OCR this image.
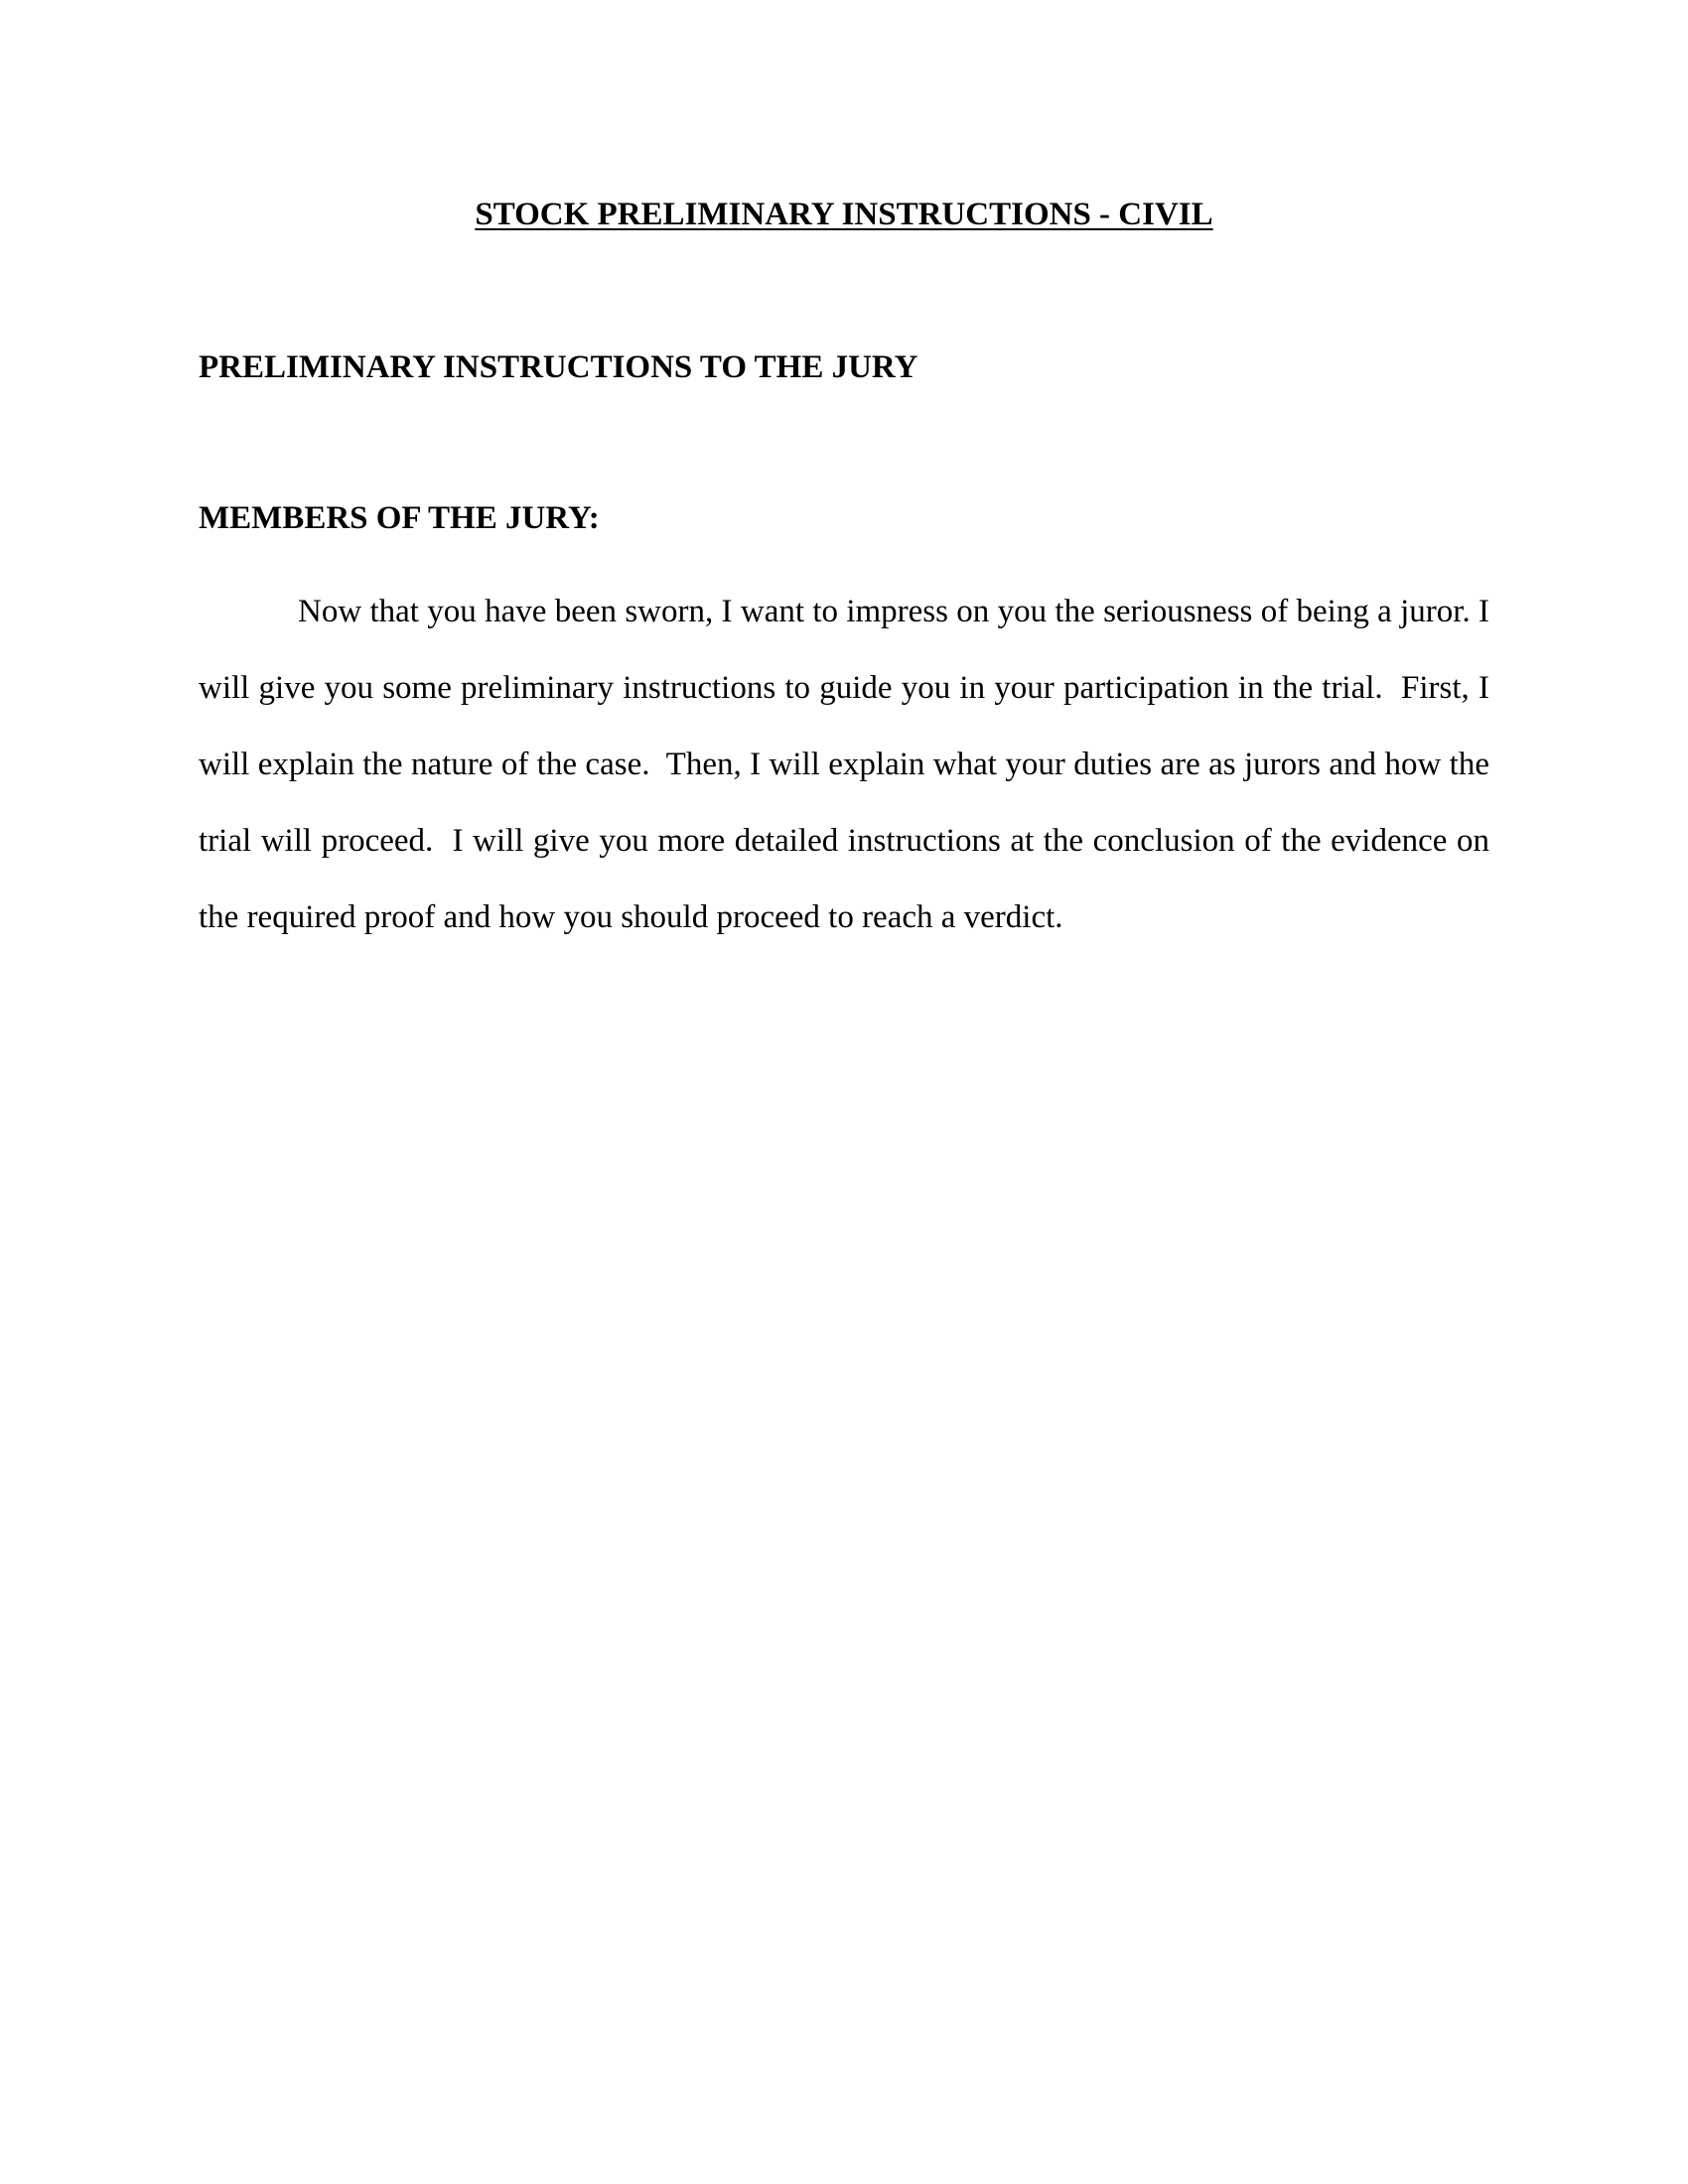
STOCK PRELIMINARY INSTRUCTIONS - CIVIL
PRELIMINARY INSTRUCTIONS TO THE JURY
MEMBERS OF THE JURY:

Now that you have been sworn, I want to impress on you the seriousness of being a juror. I will give you some preliminary instructions to guide you in your participation in the trial.  First, I will explain the nature of the case.  Then, I will explain what your duties are as jurors and how the trial will proceed.  I will give you more detailed instructions at the conclusion of the evidence on the required proof and how you should proceed to reach a verdict.
